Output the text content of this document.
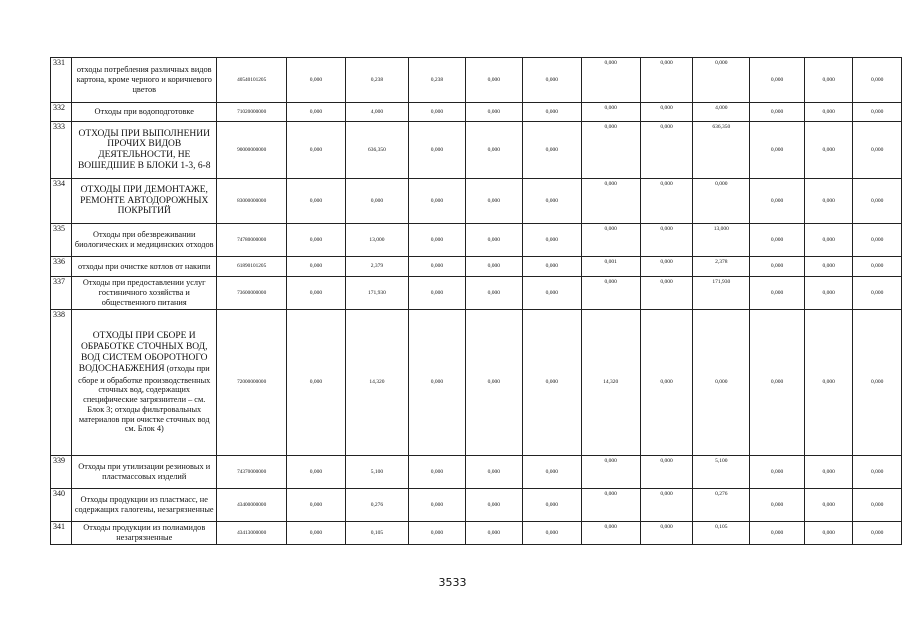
331	отходы потребления различных видов картона, кроме черного и коричневого цветов	40540101205	0,000	0,238	0,238	0,000	0,000	0,000	0,000	0,000	0,000	0,000	0,000
332	Отходы при водоподготовке	71020000000	0,000	4,000	0,000	0,000	0,000	0,000	0,000	4,000	0,000	0,000	0,000
333	ОТХОДЫ ПРИ ВЫПОЛНЕНИИ ПРОЧИХ ВИДОВ ДЕЯТЕЛЬНОСТИ, НЕ ВОШЕДШИЕ В БЛОКИ 1-3, 6-8	90000000000	0,000	636,350	0,000	0,000	0,000	0,000	0,000	636,350	0,000	0,000	0,000
334	ОТХОДЫ ПРИ ДЕМОНТАЖЕ, РЕМОНТЕ АВТОДОРОЖНЫХ ПОКРЫТИЙ	83000000000	0,000	0,000	0,000	0,000	0,000	0,000	0,000	0,000	0,000	0,000	0,000
335	Отходы при обезвреживании биологических и медицинских отходов	74780000000	0,000	13,000	0,000	0,000	0,000	0,000	0,000	13,000	0,000	0,000	0,000
336	отходы при очистке котлов от накипи	61890101205	0,000	2,379	0,000	0,000	0,000	0,001	0,000	2,378	0,000	0,000	0,000
337	Отходы при предоставлении услуг гостиничного хозяйства и общественного питания	73600000000	0,000	171,930	0,000	0,000	0,000	0,000	0,000	171,930	0,000	0,000	0,000
338	ОТХОДЫ ПРИ СБОРЕ И ОБРАБОТКЕ СТОЧНЫХ ВОД, ВОД СИСТЕМ ОБОРОТНОГО ВОДОСНАБЖЕНИЯ (отходы при сборе и обработке производственных сточных вод, содержащих специфические загрязнители – см. Блок 3; отходы фильтровальных материалов при очистке сточных вод см. Блок 4)	72000000000	0,000	14,320	0,000	0,000	0,000	14,320	0,000	0,000	0,000	0,000	0,000
339	Отходы при утилизации резиновых и пластмассовых изделий	74370000000	0,000	5,100	0,000	0,000	0,000	0,000	0,000	5,100	0,000	0,000	0,000
340	Отходы продукции из пластмасс, не содержащих галогены, незагрязненные	43400000000	0,000	0,276	0,000	0,000	0,000	0,000	0,000	0,276	0,000	0,000	0,000
341	Отходы продукции из полиамидов незагрязненные	43413000000	0,000	0,105	0,000	0,000	0,000	0,000	0,000	0,105	0,000	0,000	0,000
3533
